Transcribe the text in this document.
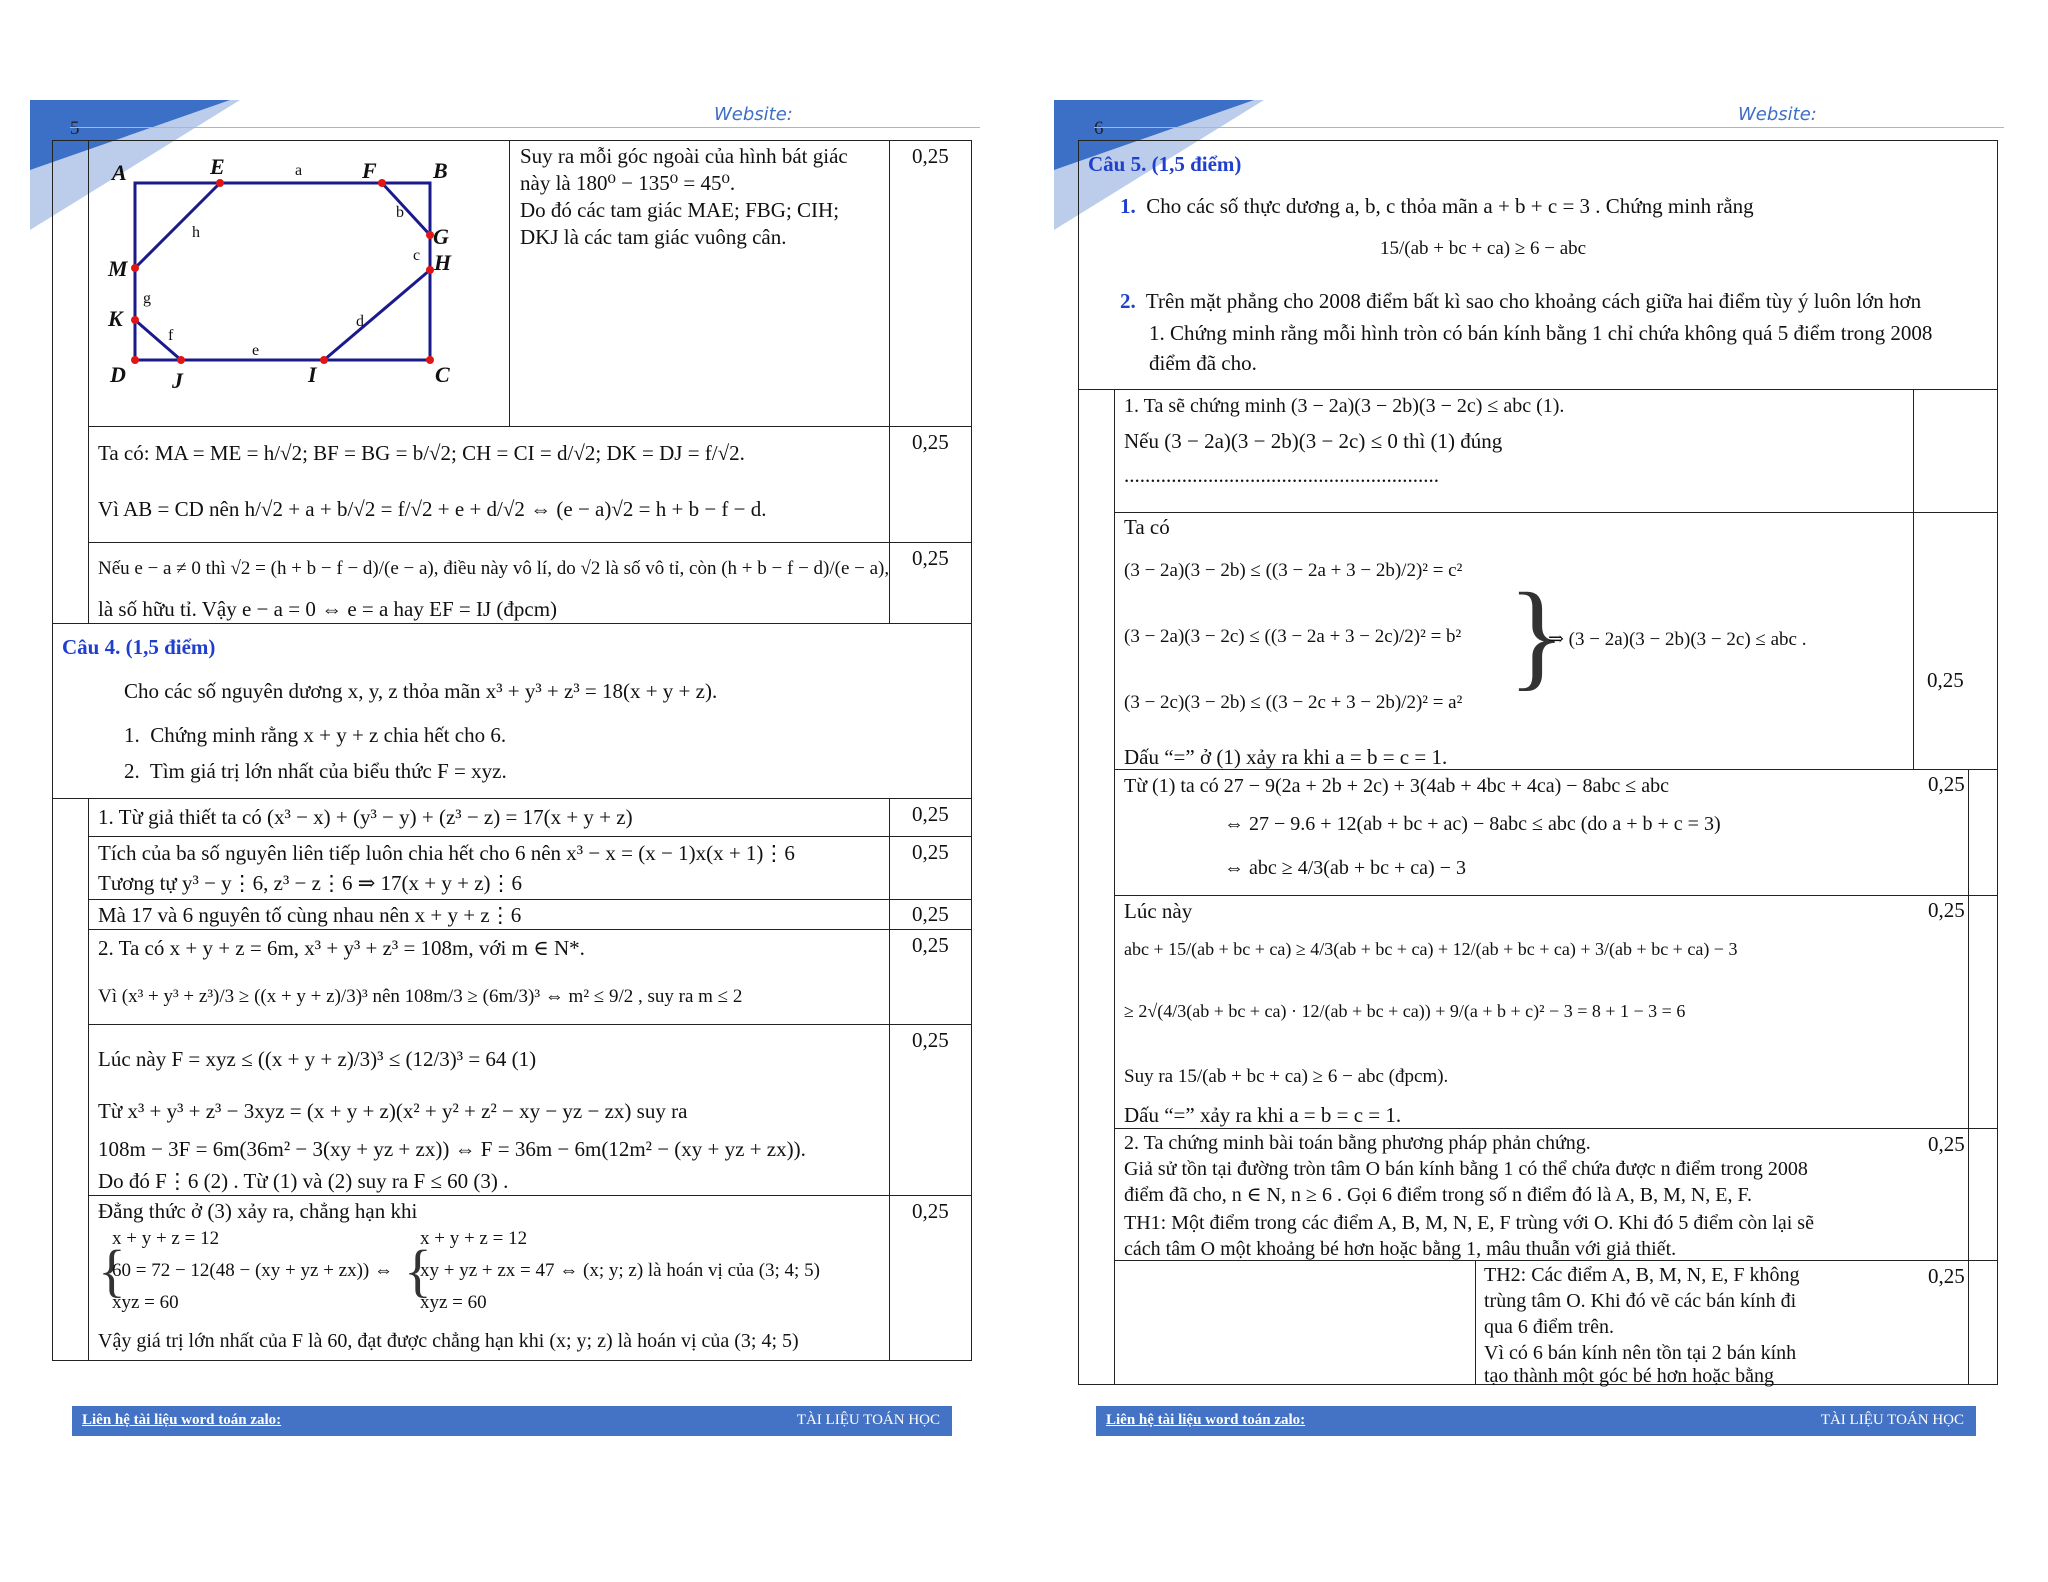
5
Website:
A	E	F	B
G
H
C
I
J
D
K
M
a
b
c
d
e
f
g
h
Suy ra mỗi góc ngoài của hình bát giác
này là 180⁰ − 135⁰ = 45⁰.
Do đó các tam giác MAE; FBG; CIH;
DKJ là các tam giác vuông cân.
0,25
Ta có: MA = ME = h/√2; BF = BG = b/√2; CH = CI = d/√2; DK = DJ = f/√2.
Vì AB = CD nên h/√2 + a + b/√2 = f/√2 + e + d/√2 ⇔ (e − a)√2 = h + b − f − d.
0,25
Nếu e − a ≠ 0 thì √2 = (h + b − f − d)/(e − a), điều này vô lí, do √2 là số vô tỉ, còn (h + b − f − d)/(e − a),
là số hữu tỉ. Vậy e − a = 0 ⇔ e = a hay EF = IJ (đpcm)
0,25
Câu 4. (1,5 điểm)
Cho các số nguyên dương x, y, z thỏa mãn x³ + y³ + z³ = 18(x + y + z).
1.  Chứng minh rằng x + y + z chia hết cho 6.
2.  Tìm giá trị lớn nhất của biểu thức F = xyz.
1. Từ giả thiết ta có (x³ − x) + (y³ − y) + (z³ − z) = 17(x + y + z)	0,25
Tích của ba số nguyên liên tiếp luôn chia hết cho 6 nên x³ − x = (x − 1)x(x + 1)⋮6
Tương tự y³ − y⋮6, z³ − z⋮6 ⇒ 17(x + y + z)⋮6
0,25
Mà 17 và 6 nguyên tố cùng nhau nên x + y + z⋮6	0,25
2. Ta có x + y + z = 6m, x³ + y³ + z³ = 108m, với m ∈ N*.
Vì (x³ + y³ + z³)/3 ≥ ((x + y + z)/3)³ nên 108m/3 ≥ (6m/3)³ ⇔ m² ≤ 9/2 , suy ra m ≤ 2
0,25
Lúc này F = xyz ≤ ((x + y + z)/3)³ ≤ (12/3)³ = 64 (1)
Từ x³ + y³ + z³ − 3xyz = (x + y + z)(x² + y² + z² − xy − yz − zx) suy ra
108m − 3F = 6m(36m² − 3(xy + yz + zx)) ⇔ F = 36m − 6m(12m² − (xy + yz + zx)).
Do đó F⋮6 (2) . Từ (1) và (2) suy ra F ≤ 60 (3) .
0,25
Đẳng thức ở (3) xảy ra, chẳng hạn khi
{
x + y + z = 12
60 = 72 − 12(48 − (xy + yz + zx)) ⇔
xyz = 60	{
x + y + z = 12
xy + yz + zx = 47 ⇔ (x; y; z) là hoán vị của (3; 4; 5)
xyz = 60
Vậy giá trị lớn nhất của F là 60, đạt được chẳng hạn khi (x; y; z) là hoán vị của (3; 4; 5)
0,25
Liên hệ tài liệu word toán zalo:	TÀI LIỆU TOÁN HỌC
6
Website:
Câu 5. (1,5 điểm)
1. Cho các số thực dương a, b, c thỏa mãn a + b + c = 3 . Chứng minh rằng
15/(ab + bc + ca) ≥ 6 − abc
2. Trên mặt phẳng cho 2008 điểm bất kì sao cho khoảng cách giữa hai điểm tùy ý luôn lớn hơn
1. Chứng minh rằng mỗi hình tròn có bán kính bằng 1 chỉ chứa không quá 5 điểm trong 2008
điểm đã cho.
1. Ta sẽ chứng minh (3 − 2a)(3 − 2b)(3 − 2c) ≤ abc (1).
Nếu (3 − 2a)(3 − 2b)(3 − 2c) ≤ 0 thì (1) đúng
............................................................
Ta có
(3 − 2a)(3 − 2b) ≤ ((3 − 2a + 3 − 2b)/2)² = c²
(3 − 2a)(3 − 2c) ≤ ((3 − 2a + 3 − 2c)/2)² = b²
(3 − 2c)(3 − 2b) ≤ ((3 − 2c + 3 − 2b)/2)² = a²
}
⇒ (3 − 2a)(3 − 2b)(3 − 2c) ≤ abc .
Dấu “=” ở (1) xảy ra khi a = b = c = 1.
0,25
Từ (1) ta có 27 − 9(2a + 2b + 2c) + 3(4ab + 4bc + 4ca) − 8abc ≤ abc
⇔ 27 − 9.6 + 12(ab + bc + ac) − 8abc ≤ abc (do a + b + c = 3)
⇔ abc ≥ 4/3(ab + bc + ca) − 3
0,25
Lúc này
abc + 15/(ab + bc + ca) ≥ 4/3(ab + bc + ca) + 12/(ab + bc + ca) + 3/(ab + bc + ca) − 3
≥ 2√(4/3(ab + bc + ca) · 12/(ab + bc + ca)) + 9/(a + b + c)² − 3 = 8 + 1 − 3 = 6
Suy ra 15/(ab + bc + ca) ≥ 6 − abc (đpcm).
Dấu “=” xảy ra khi a = b = c = 1.
0,25
2. Ta chứng minh bài toán bằng phương pháp phản chứng.
Giả sử tồn tại đường tròn tâm O bán kính bằng 1 có thể chứa được n điểm trong 2008
điểm đã cho, n ∈ N, n ≥ 6 . Gọi 6 điểm trong số n điểm đó là A, B, M, N, E, F.
TH1: Một điểm trong các điểm A, B, M, N, E, F trùng với O. Khi đó 5 điểm còn lại sẽ
cách tâm O một khoảng bé hơn hoặc bằng 1, mâu thuẫn với giả thiết.
0,25
TH2: Các điểm A, B, M, N, E, F không
trùng tâm O. Khi đó vẽ các bán kính đi
qua 6 điểm trên.
Vì có 6 bán kính nên tồn tại 2 bán kính
tạo thành một góc bé hơn hoặc bằng
0,25
Liên hệ tài liệu word toán zalo:	TÀI LIỆU TOÁN HỌC
